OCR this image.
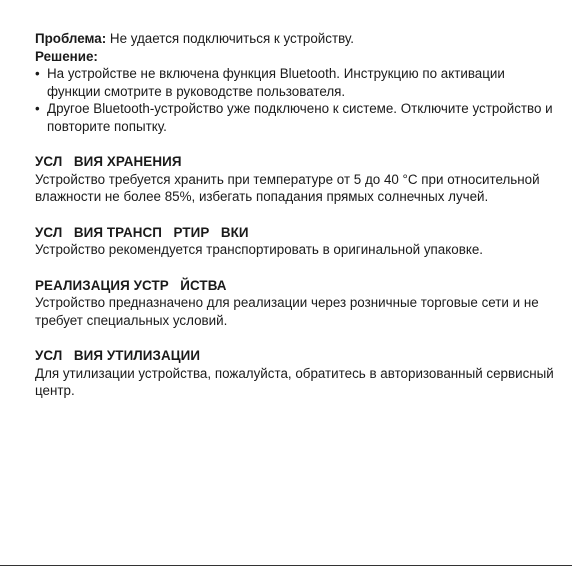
Проблема: Не удается подключиться к устройству.

Решение:

• На устройстве не включена функция Bluetooth. Инструкцию по активации функции смотрите в руководстве пользователя.
• Другое Bluetooth-устройство уже подключено к системе. Отключите устройство и повторите попытку.
УСЛ   ВИЯ ХРАНЕНИЯ

Устройство требуется хранить при температуре от 5 до 40 °С при относительной влажности не более 85%, избегать попадания прямых солнечных лучей.

УСЛ   ВИЯ ТРАНСП   РТИР   ВКИ

Устройство рекомендуется транспортировать в оригинальной упаковке.

РЕАЛИЗАЦИЯ УСТР   ЙСТВА

Устройство предназначено для реализации через розничные торговые сети и не требует специальных условий.

УСЛ   ВИЯ УТИЛИЗАЦИИ

Для утилизации устройства, пожалуйста, обратитесь в авторизованный сервисный центр.
